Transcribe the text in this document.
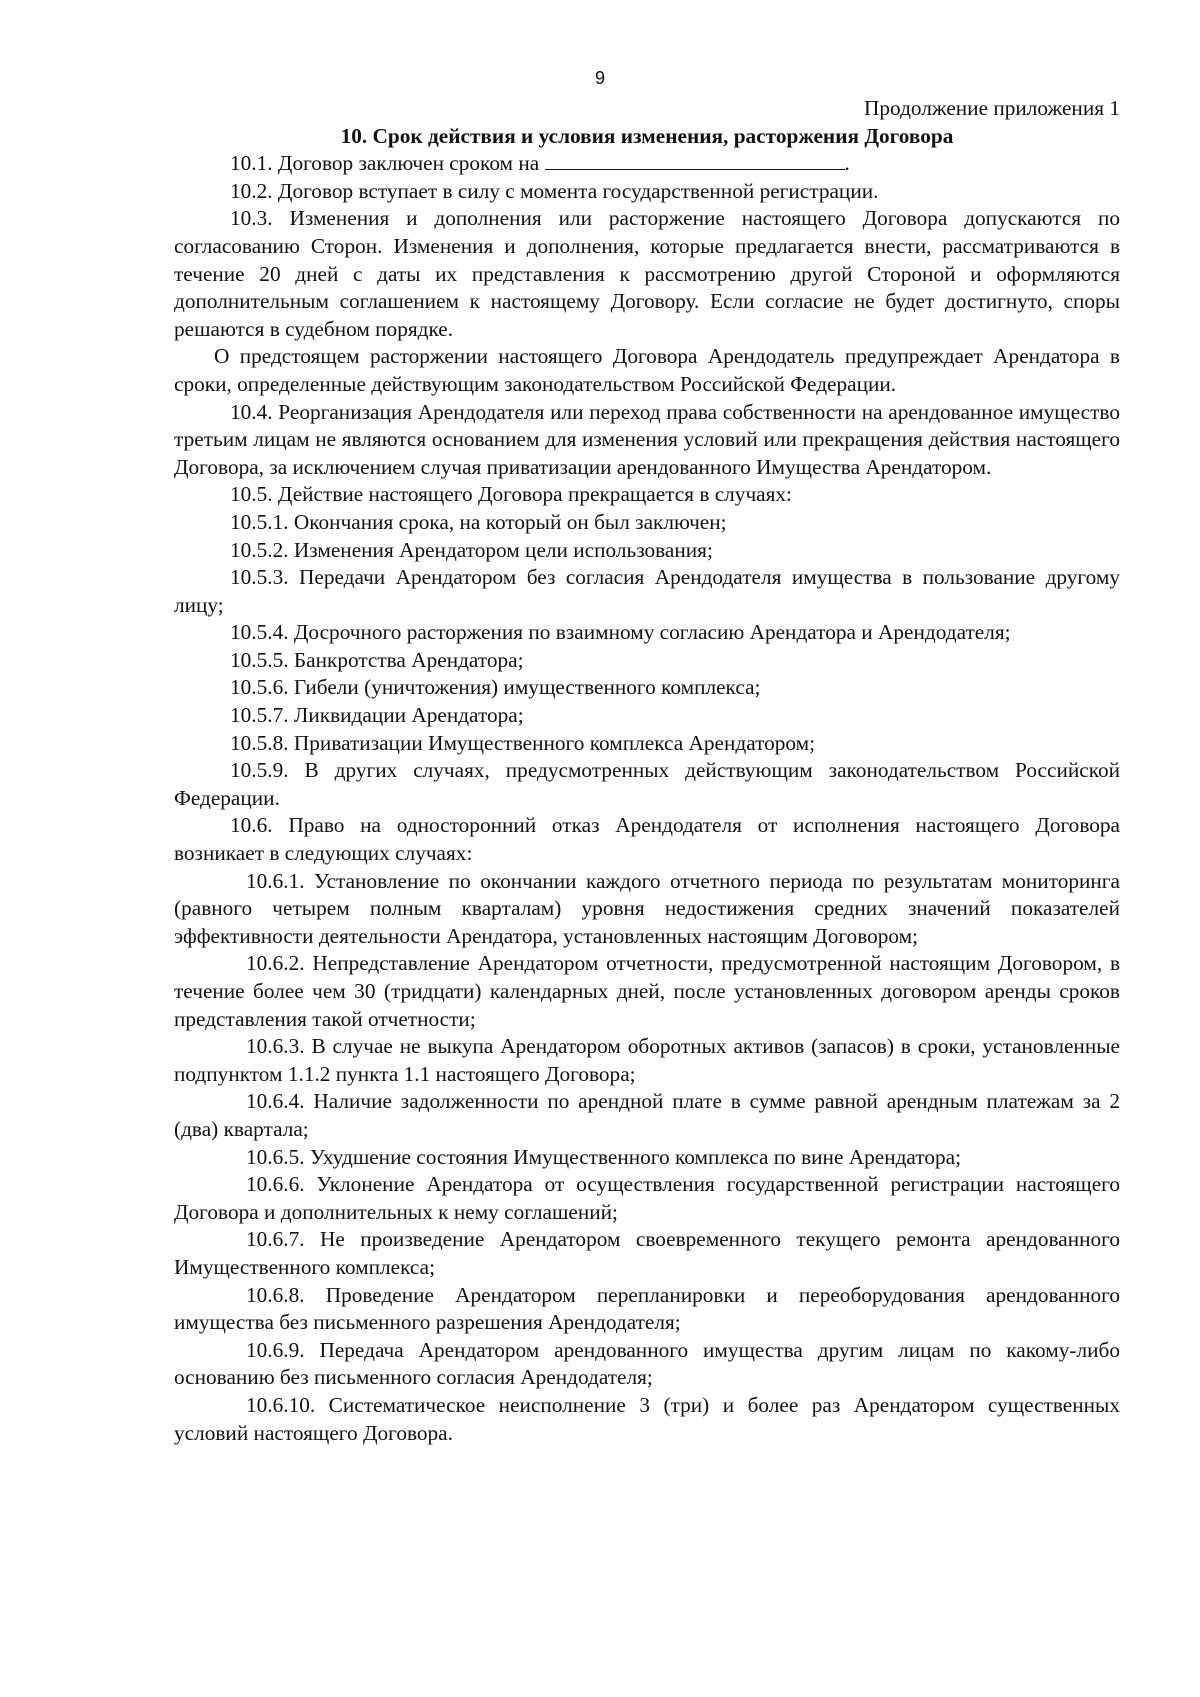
9

Продолжение приложения 1

10. Срок действия и условия изменения, расторжения Договора

10.1. Договор заключен сроком на	.

10.2. Договор вступает в силу с момента государственной регистрации.

10.3. Изменения и дополнения или расторжение настоящего Договора допускаются по согласованию Сторон. Изменения и дополнения, которые предлагается внести, рассматриваются в течение 20 дней с даты их представления к рассмотрению другой Стороной и оформляются дополнительным соглашением к настоящему Договору. Если согласие не будет достигнуто, споры решаются в судебном порядке.

О предстоящем расторжении настоящего Договора Арендодатель предупреждает Арендатора в сроки, определенные действующим законодательством Российской Федерации.

10.4. Реорганизация Арендодателя или переход права собственности на арендованное имущество третьим лицам не являются основанием для изменения условий или прекращения действия настоящего Договора, за исключением случая приватизации арендованного Имущества Арендатором.

10.5. Действие настоящего Договора прекращается в случаях:

10.5.1. Окончания срока, на который он был заключен;

10.5.2. Изменения Арендатором цели использования;

10.5.3. Передачи Арендатором без согласия Арендодателя имущества в пользование другому лицу;

10.5.4. Досрочного расторжения по взаимному согласию Арендатора и Арендодателя;

10.5.5. Банкротства Арендатора;

10.5.6. Гибели (уничтожения) имущественного комплекса;

10.5.7. Ликвидации Арендатора;

10.5.8. Приватизации Имущественного комплекса Арендатором;

10.5.9. В других случаях, предусмотренных действующим законодательством Российской Федерации.

10.6. Право на односторонний отказ Арендодателя от исполнения настоящего Договора возникает в следующих случаях:

10.6.1. Установление по окончании каждого отчетного периода по результатам мониторинга (равного четырем полным кварталам) уровня недостижения средних значений показателей эффективности деятельности Арендатора, установленных настоящим Договором;

10.6.2. Непредставление Арендатором отчетности, предусмотренной настоящим Договором, в течение более чем 30 (тридцати) календарных дней, после установленных договором аренды сроков представления такой отчетности;

10.6.3. В случае не выкупа Арендатором оборотных активов (запасов) в сроки, установленные подпунктом 1.1.2 пункта 1.1 настоящего Договора;

10.6.4. Наличие задолженности по арендной плате в сумме равной арендным платежам за 2 (два) квартала;

10.6.5. Ухудшение состояния Имущественного комплекса по вине Арендатора;

10.6.6. Уклонение Арендатора от осуществления государственной регистрации настоящего Договора и дополнительных к нему соглашений;

10.6.7. Не произведение Арендатором своевременного текущего ремонта арендованного Имущественного комплекса;

10.6.8. Проведение Арендатором перепланировки и переоборудования арендованного имущества без письменного разрешения Арендодателя;

10.6.9. Передача Арендатором арендованного имущества другим лицам по какому-либо основанию без письменного согласия Арендодателя;

10.6.10. Систематическое неисполнение 3 (три) и более раз Арендатором существенных условий настоящего Договора.
